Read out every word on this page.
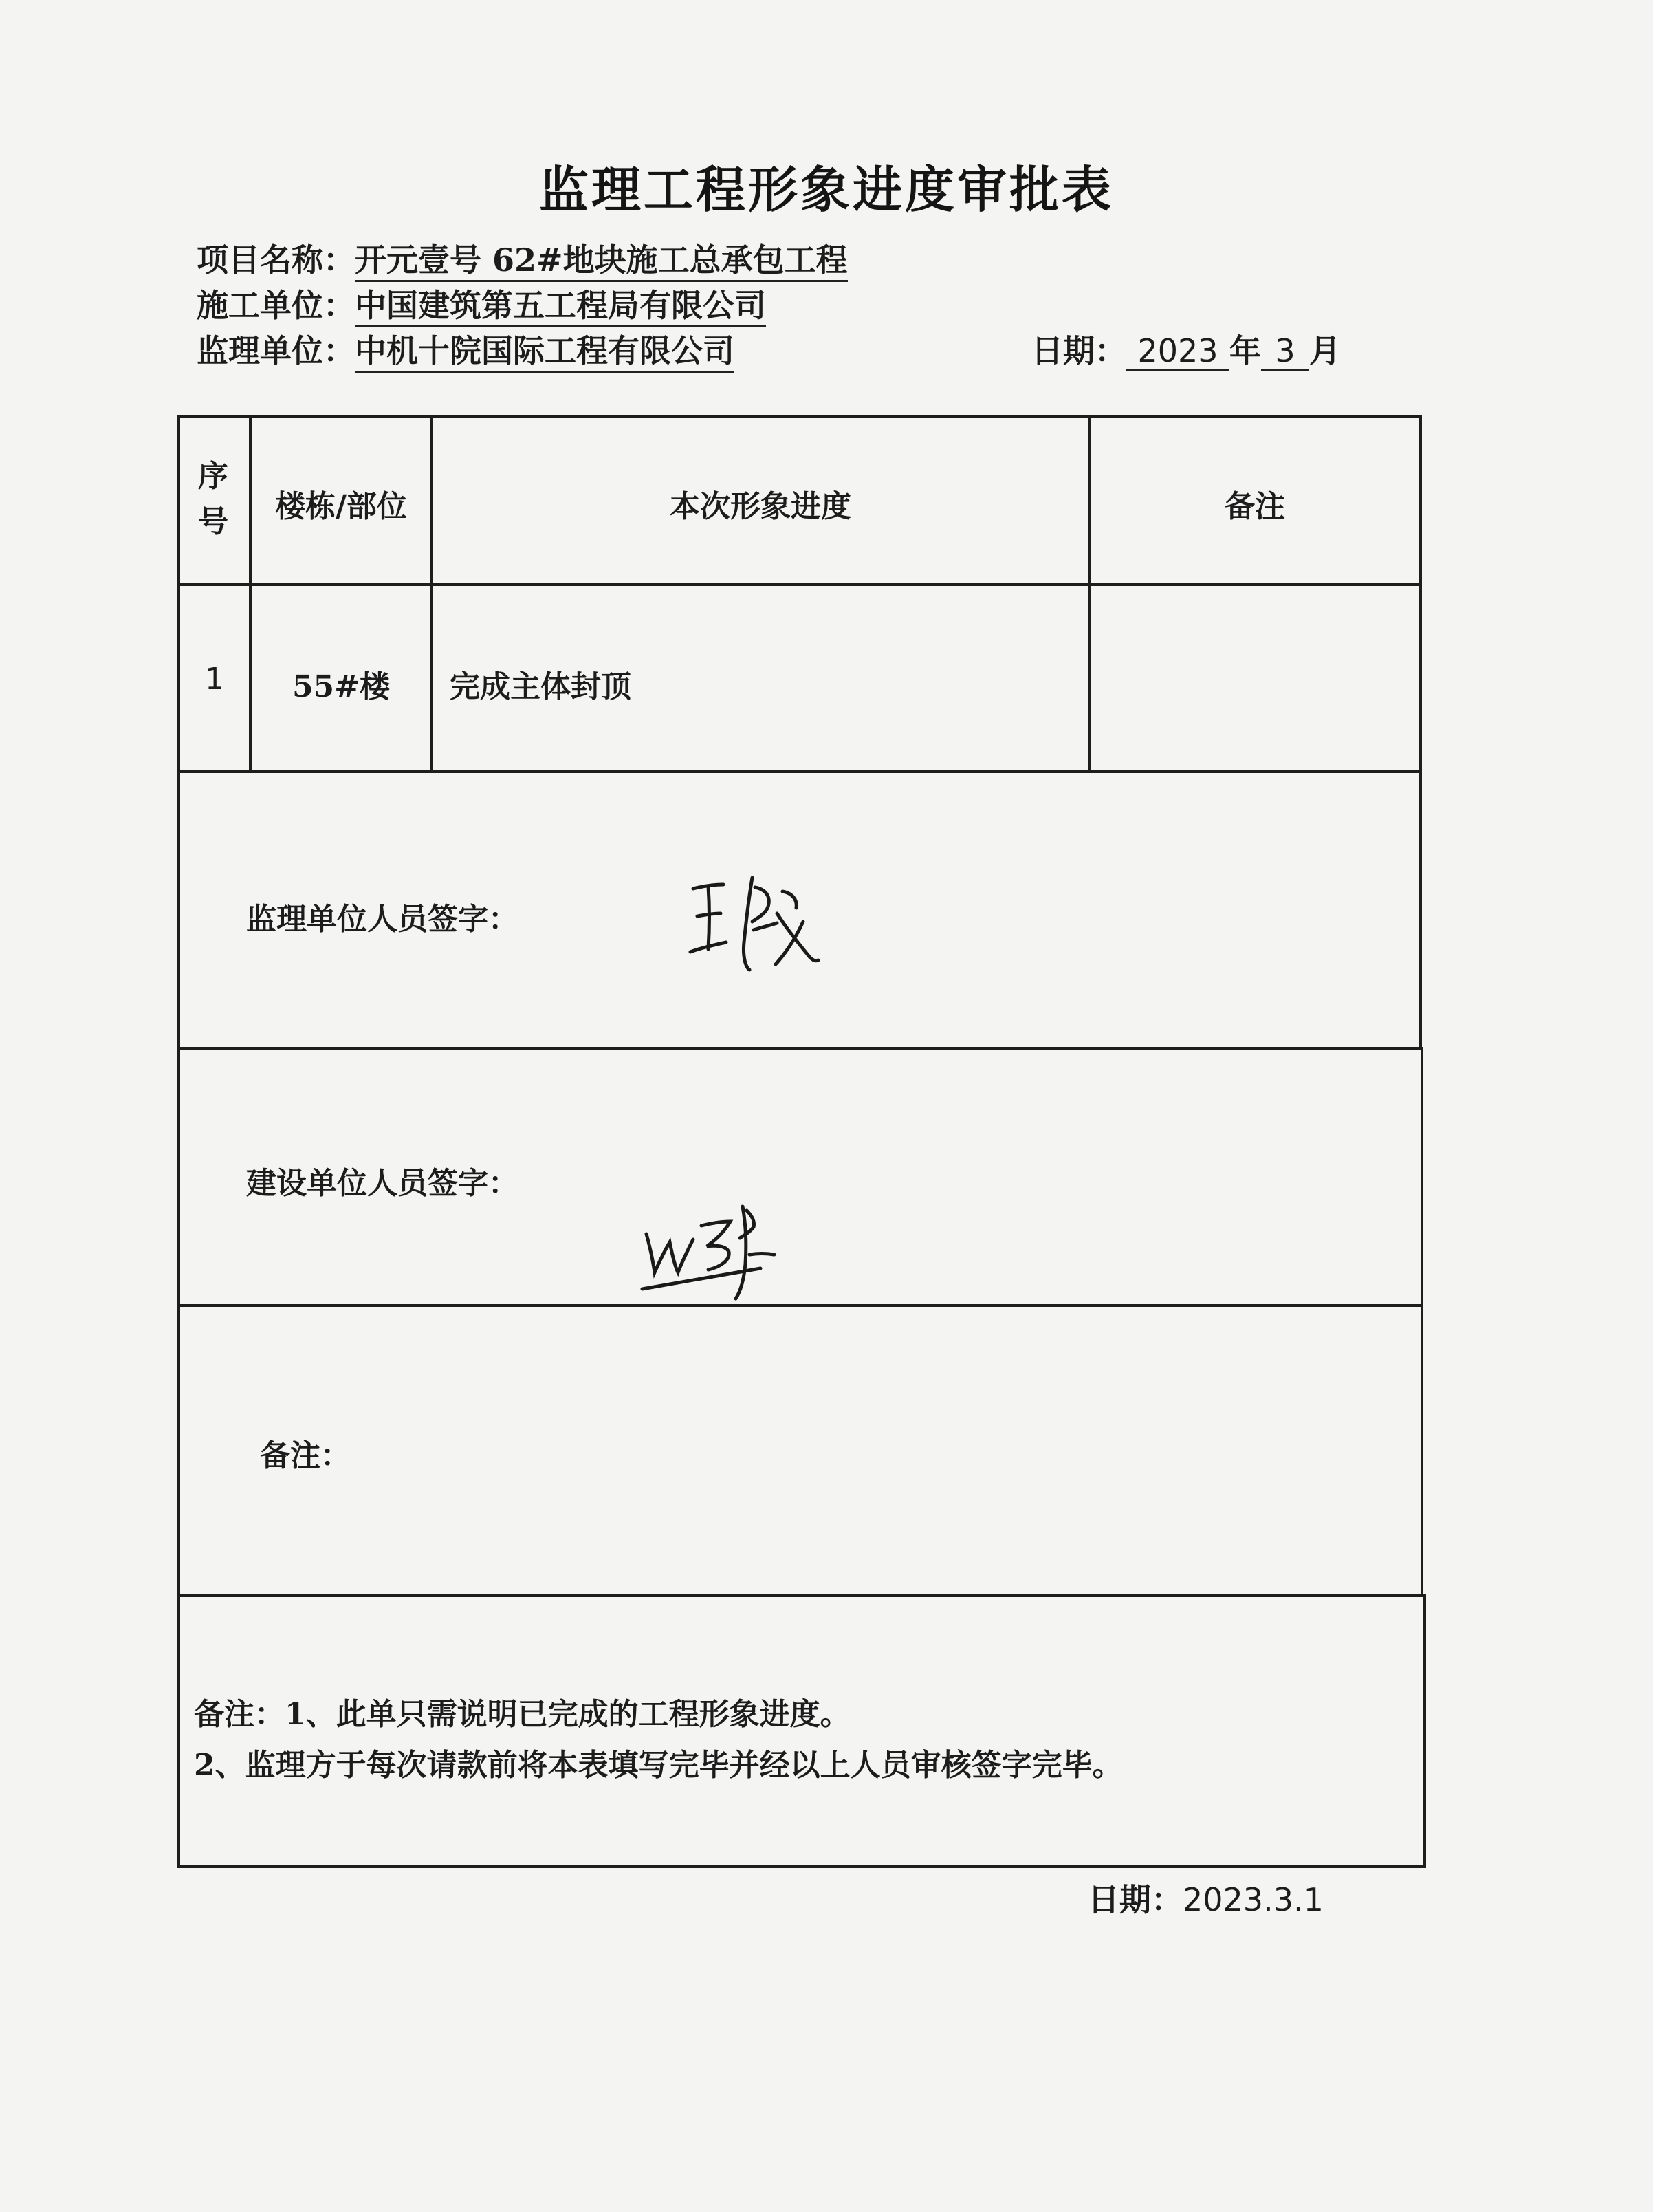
监理工程形象进度审批表
项目名称：开元壹号 62#地块施工总承包工程
施工单位：中国建筑第五工程局有限公司
监理单位：中机十院国际工程有限公司	日期： 2023 年 3 月
序
号	楼栋/部位	本次形象进度	备注
1	55#楼	完成主体封顶
监理单位人员签字：
建设单位人员签字：
备注：
备注：1、此单只需说明已完成的工程形象进度。
2、监理方于每次请款前将本表填写完毕并经以上人员审核签字完毕。
日期：2023.3.1
